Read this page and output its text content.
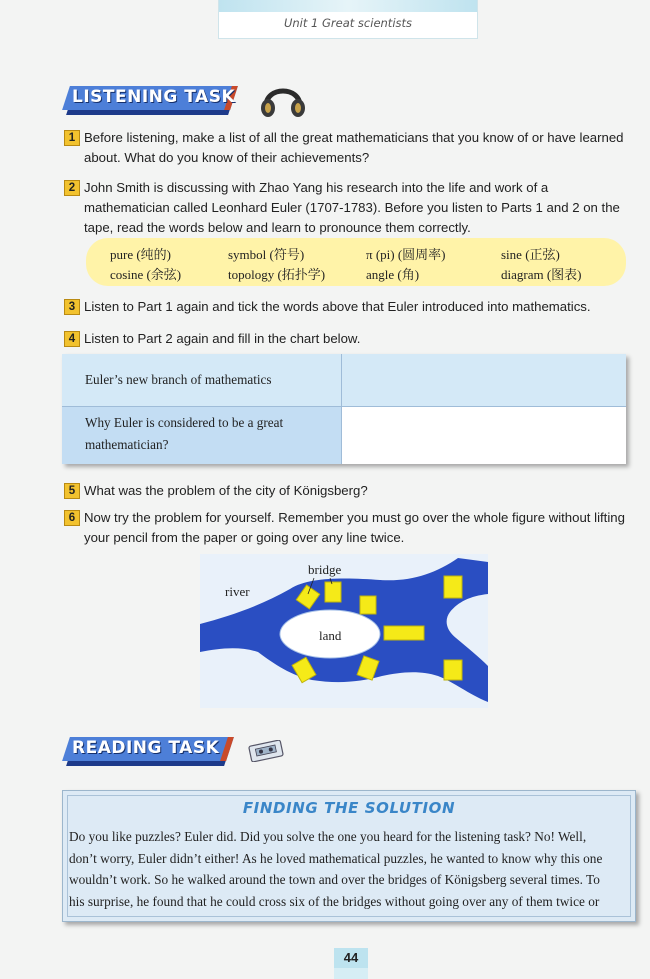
Unit 1 Great scientists
LISTENING TASK
1 Before listening, make a list of all the great mathematicians that you know of or have learned about. What do you know of their achievements?
2 John Smith is discussing with Zhao Yang his research into the life and work of a mathematician called Leonhard Euler (1707-1783). Before you listen to Parts 1 and 2 on the tape, read the words below and learn to pronounce them correctly.
pure (纯的)	symbol (符号)	π (pi) (圆周率)	sine (正弦)
cosine (余弦)	topology (拓扑学)	angle (角)	diagram (图表)
3 Listen to Part 1 again and tick the words above that Euler introduced into mathematics.
4 Listen to Part 2 again and fill in the chart below.
Euler’s new branch of mathematics
Why Euler is considered to be a great
mathematician?
5 What was the problem of the city of Königsberg?
6 Now try the problem for yourself. Remember you must go over the whole figure without lifting your pencil from the paper or going over any line twice.
river
bridge
land
READING TASK
FINDING THE SOLUTION
Do you like puzzles? Euler did. Did you solve the one you heard for the listening task? No! Well,
don’t worry, Euler didn’t either! As he loved mathematical puzzles, he wanted to know why this one
wouldn’t work. So he walked around the town and over the bridges of Königsberg several times. To
his surprise, he found that he could cross six of the bridges without going over any of them twice or
44
